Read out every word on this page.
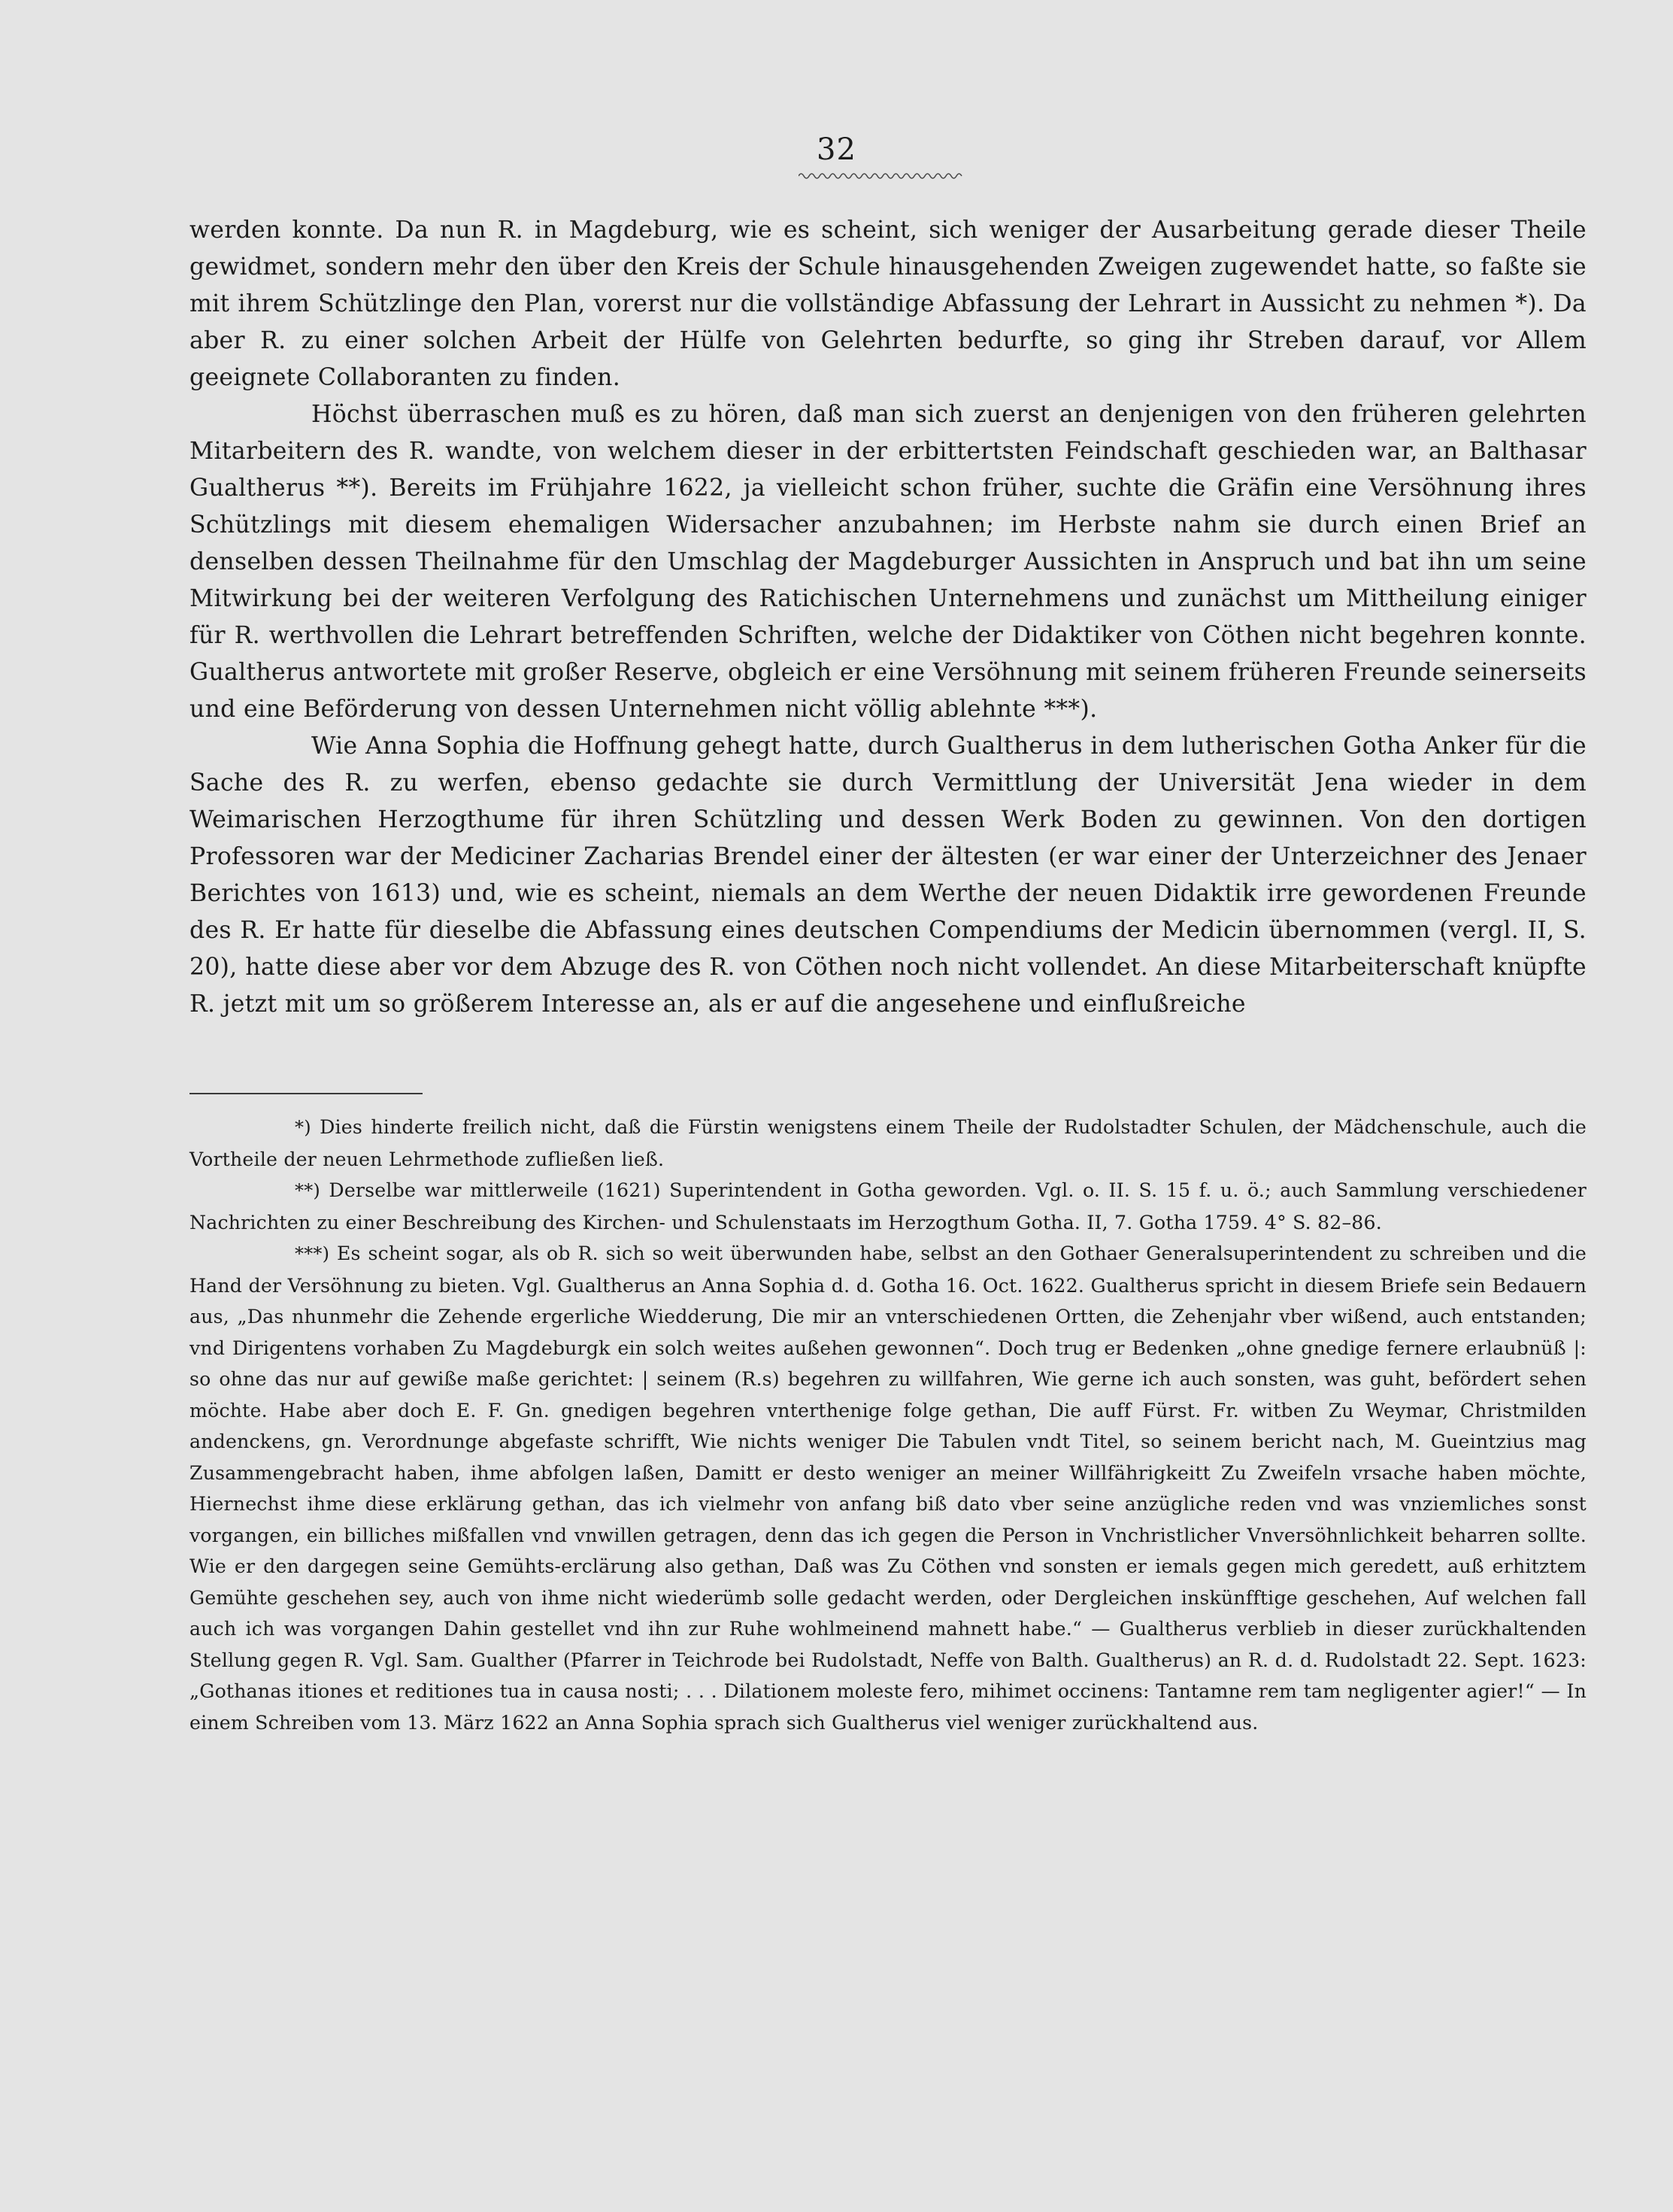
32

werden konnte. Da nun R. in Magdeburg, wie es scheint, sich weniger der Ausarbeitung gerade dieser Theile gewidmet, sondern mehr den über den Kreis der Schule hinausgehenden Zweigen zugewendet hatte, so faßte sie mit ihrem Schützlinge den Plan, vorerst nur die vollständige Abfassung der Lehrart in Aussicht zu nehmen *). Da aber R. zu einer solchen Arbeit der Hülfe von Gelehrten bedurfte, so ging ihr Streben darauf, vor Allem geeignete Collaboranten zu finden.

Höchst überraschen muß es zu hören, daß man sich zuerst an denjenigen von den früheren gelehrten Mitarbeitern des R. wandte, von welchem dieser in der erbittertsten Feindschaft geschieden war, an Balthasar Gualtherus **). Bereits im Frühjahre 1622, ja vielleicht schon früher, suchte die Gräfin eine Versöhnung ihres Schützlings mit diesem ehemaligen Widersacher anzubahnen; im Herbste nahm sie durch einen Brief an denselben dessen Theilnahme für den Umschlag der Magdeburger Aussichten in Anspruch und bat ihn um seine Mitwirkung bei der weiteren Verfolgung des Ratichischen Unternehmens und zunächst um Mittheilung einiger für R. werthvollen die Lehrart betreffenden Schriften, welche der Didaktiker von Cöthen nicht begehren konnte. Gualtherus antwortete mit großer Reserve, obgleich er eine Versöhnung mit seinem früheren Freunde seinerseits und eine Beförderung von dessen Unternehmen nicht völlig ablehnte ***).

Wie Anna Sophia die Hoffnung gehegt hatte, durch Gualtherus in dem lutherischen Gotha Anker für die Sache des R. zu werfen, ebenso gedachte sie durch Vermittlung der Universität Jena wieder in dem Weimarischen Herzogthume für ihren Schützling und dessen Werk Boden zu gewinnen. Von den dortigen Professoren war der Mediciner Zacharias Brendel einer der ältesten (er war einer der Unterzeichner des Jenaer Berichtes von 1613) und, wie es scheint, niemals an dem Werthe der neuen Didaktik irre gewordenen Freunde des R. Er hatte für dieselbe die Abfassung eines deutschen Compendiums der Medicin übernommen (vergl. II, S. 20), hatte diese aber vor dem Abzuge des R. von Cöthen noch nicht vollendet. An diese Mitarbeiterschaft knüpfte R. jetzt mit um so größerem Interesse an, als er auf die angesehene und einflußreiche

*) Dies hinderte freilich nicht, daß die Fürstin wenigstens einem Theile der Rudolstadter Schulen, der Mädchenschule, auch die Vortheile der neuen Lehrmethode zufließen ließ.

**) Derselbe war mittlerweile (1621) Superintendent in Gotha geworden. Vgl. o. II. S. 15 f. u. ö.; auch Sammlung verschiedener Nachrichten zu einer Beschreibung des Kirchen- und Schulenstaats im Herzogthum Gotha. II, 7. Gotha 1759. 4° S. 82–86.

***) Es scheint sogar, als ob R. sich so weit überwunden habe, selbst an den Gothaer Generalsuperintendent zu schreiben und die Hand der Versöhnung zu bieten. Vgl. Gualtherus an Anna Sophia d. d. Gotha 16. Oct. 1622. Gualtherus spricht in diesem Briefe sein Bedauern aus, „Das nhunmehr die Zehende ergerliche Wiedderung, Die mir an vnterschiedenen Ortten, die Zehenjahr vber wißend, auch entstanden; vnd Dirigentens vorhaben Zu Magdeburgk ein solch weites außehen gewonnen“. Doch trug er Bedenken „ohne gnedige fernere erlaubnüß |: so ohne das nur auf gewiße maße gerichtet: | seinem (R.s) begehren zu willfahren, Wie gerne ich auch sonsten, was guht, befördert sehen möchte. Habe aber doch E. F. Gn. gnedigen begehren vnterthenige folge gethan, Die auff Fürst. Fr. witben Zu Weymar, Christmilden andenckens, gn. Verordnunge abgefaste schrifft, Wie nichts weniger Die Tabulen vndt Titel, so seinem bericht nach, M. Gueintzius mag Zusammengebracht haben, ihme abfolgen laßen, Damitt er desto weniger an meiner Willfährigkeitt Zu Zweifeln vrsache haben möchte, Hiernechst ihme diese erklärung gethan, das ich vielmehr von anfang biß dato vber seine anzügliche reden vnd was vnziemliches sonst vorgangen, ein billiches mißfallen vnd vnwillen getragen, denn das ich gegen die Person in Vnchristlicher Vnversöhnlichkeit beharren sollte. Wie er den dargegen seine Gemühts-erclärung also gethan, Daß was Zu Cöthen vnd sonsten er iemals gegen mich geredett, auß erhitztem Gemühte geschehen sey, auch von ihme nicht wiederümb solle gedacht werden, oder Dergleichen inskünfftige geschehen, Auf welchen fall auch ich was vorgangen Dahin gestellet vnd ihn zur Ruhe wohlmeinend mahnett habe.“ — Gualtherus verblieb in dieser zurückhaltenden Stellung gegen R. Vgl. Sam. Gualther (Pfarrer in Teichrode bei Rudolstadt, Neffe von Balth. Gualtherus) an R. d. d. Rudolstadt 22. Sept. 1623: „Gothanas itiones et reditiones tua in causa nosti; . . . Dilationem moleste fero, mihimet occinens: Tantamne rem tam negligenter agier!“ — In einem Schreiben vom 13. März 1622 an Anna Sophia sprach sich Gualtherus viel weniger zurückhaltend aus.
